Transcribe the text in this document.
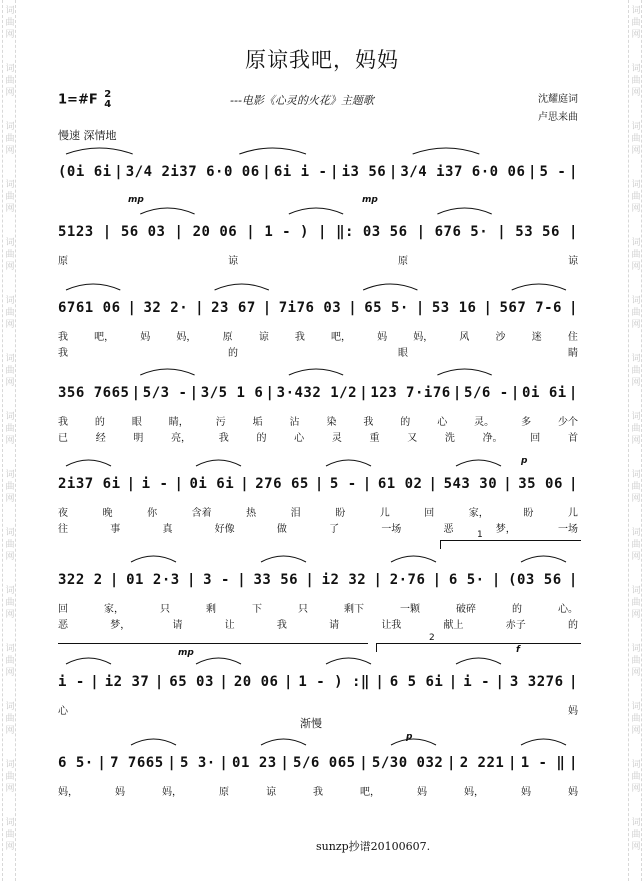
词
曲
网
词
曲
网
词
曲
网
词
曲
网
词
曲
网
词
曲
网
词
曲
网
词
曲
网
词
曲
网
词
曲
网
词
曲
网
词
曲
网
词
曲
网
词
曲
网
词
曲
网
词
曲
网
词
曲
网
词
曲
网
词
曲
网
词
曲
网
词
曲
网
词
曲
网
词
曲
网
词
曲
网
词
曲
网
词
曲
网
词
曲
网
词
曲
网
词
曲
网
词
曲
网
原谅我吧，妈妈
1=#F 2
4	---电影《心灵的火花》主题歌	沈耀庭词
卢思来曲
慢速 深情地
(0i 6i | 3/4 2i37 6·0 06 | 6i i - | i3 56 | 3/4 i37 6·0 06 | 5 - |
5123 | 56 03 | 20 06 | 1 - ) | ‖: 03 56 | 676 5· | 53 56 |
原	谅	原	谅
6761 06 | 32 2· | 23 67 | 7i76 03 | 65 5· | 53 16 | 567 7-6 |
我	吧，	妈	妈，	原	谅	我	吧，	妈	妈，	风	沙	迷	住
我	的	眼	睛
356 7665 | 5/3 - | 3/5 1 6 | 3·432 1/2 | 123 7·i76 | 5/6 - | 0i 6i |
我	的	眼	睛，	污	垢	沾	染	我	的	心	灵。	多	少个
已	经	明	亮，	我	的	心	灵	重	又	洗	净。	回	首
2i37 6i | i - | 0i 6i | 276 65 | 5 - | 61 02 | 543 30 | 35 06 |
夜	晚	你	含着	热	泪	盼	儿	回	家，	盼	儿
往	事	真	好像	做	了	一场	恶	梦，	一场
322 2 | 01 2·3 | 3 - | 33 56 | i2 32 | 2·76 | 6 5· | (03 56 |
回	家，	只	剩	下	只	剩下	一颗	破碎	的	心。
恶	梦，	请	让	我	请	让我	献上	赤子	的
i - | i2 37 | 65 03 | 20 06 | 1 - ) :‖ | 6 5 6i | i - | 3 3276 |
心	妈
6 5· | 7 7665 | 5 3· | 01 23 | 5/6 065 | 5/30 032 | 2 221 | 1 - ‖ |
妈，	妈	妈，	原	谅	我	吧，	妈	妈，	妈	妈
mp	mp
mp
p
p
f
1
2
渐慢
sunzp抄谱20100607.
